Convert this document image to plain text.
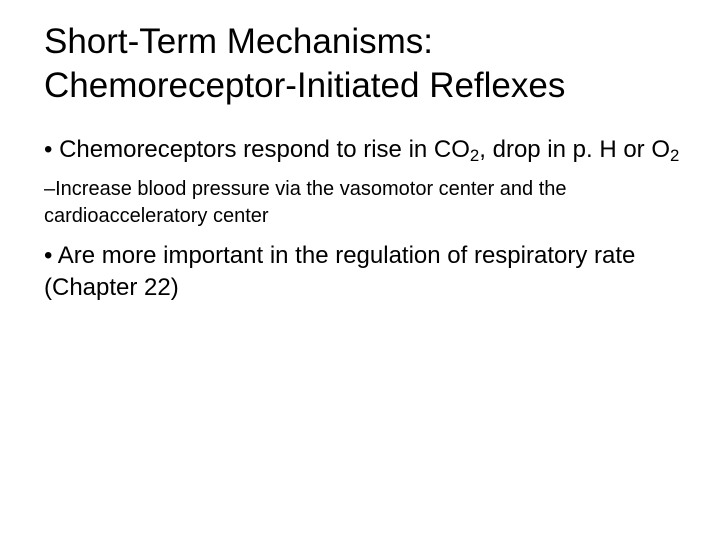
Short-Term Mechanisms:
Chemoreceptor-Initiated Reflexes

• Chemoreceptors respond to rise in $CO_2$, drop in p. H or $O_2$

–Increase blood pressure via the vasomotor center and the cardioacceleratory center

• Are more important in the regulation of respiratory rate (Chapter 22)
